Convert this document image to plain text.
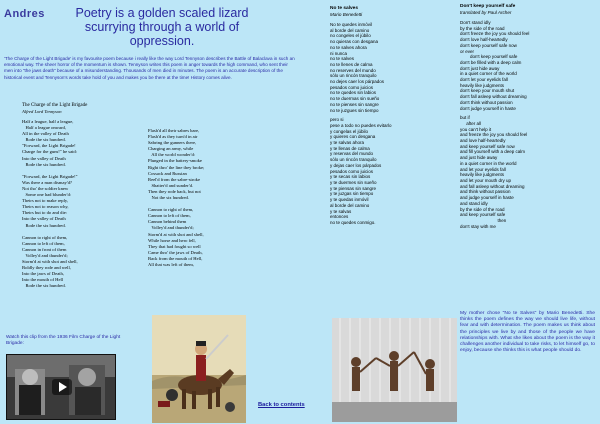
Andres	Poetry is a golden scaled lizard scurrying through a world of oppression.
'The Charge of the Light Brigade' is my favourite poem because i really like the way Lord Tennyson describes the Battle of Balaclava in such an emotional way. The sheer horror of the momentum is shown. Tennyson writes this poem in anger towards the high command, who sent their men into "the jaws death" because of a misunderstanding. Thousands of men died in minutes. The poem is an accurate description of the historical event and Tennyson's words take hold of you and makes you be there at the time! History comes alive.
The Charge of the Light Brigade
Alfred Lord Tennyson
Half a league, half a league,
Half a league onward,
All in the valley of Death
Rode the six hundred.
"Forward, the Light Brigade!
Charge for the guns!" he said:
Into the valley of Death
Rode the six hundred.
"Forward, the Light Brigade!"
Was there a man dismay'd?
Not tho' the soldier knew
Some one had blunder'd:
Theirs not to make reply,
Theirs not to reason why,
Theirs but to do and die:
Into the valley of Death
Rode the six hundred.
Cannon to right of them,
Cannon to left of them,
Cannon in front of them
Volley'd and thunder'd;
Storm'd at with shot and shell,
Boldly they rode and well,
Into the jaws of Death,
Into the mouth of Hell
Rode the six hundred.
Flash'd all their sabres bare,
Flash'd as they turn'd in air
Sabring the gunners there,
Charging an army, while
All the world wonder'd:
Plunged in the battery-smoke
Right thro' the line they broke;
Cossack and Russian
Reel'd from the sabre-stroke
Shatter'd and sunder'd.
Then they rode back, but not
Not the six hundred.
Cannon to right of them,
Cannon to left of them,
Cannon behind them
Volley'd and thunder'd;
Storm'd at with shot and shell,
While horse and hero fell,
They that had fought so well
Came thro' the jaws of Death,
Back from the mouth of Hell,
All that was left of them,
No te salves
Mario Benedetti
No te quedes inmóvil
al borde del camino
no congeles el júbilo
no quieras con desgana
no te salves ahora
ni nunca
no te salves
no te llenes de calma
no reserves del mundo
sólo un rincón tranquilo
no dejes caer los párpados
pesados como juicios
no te quedes sin labios
no te duermas sin sueño
no te pienses sin sangre
no te juzgues sin tiempo
pero si
pese a todo no puedes evitarlo
y congelas el júbilo
y quieres con desgana
y te salvas ahora
y te llenas de calma
y reservas del mundo
sólo un rincón tranquilo
y dejas caer los párpados
pesados como juicios
y te secas sin labios
y te duermes sin sueño
y te piensas sin sangre
y te juzgas sin tiempo
y te quedas inmóvil
al borde del camino
y te salvas
entonces
no te quedes conmigo.
Don't keep yourself safe
translated by Paul Archer
Don't stand idly
by the side of the road
don't freeze the joy you should feel
don't love half-heartedly
don't keep yourself safe now
or ever
don't keep yourself safe
don't be filled with a deep calm
don't just hide away
in a quiet corner of the world
don't let your eyelids fall
heavily like judgments
don't keep your mouth shut
don't fall asleep without dreaming
don't think without passion
don't judge yourself in haste
but if
after all
you can't help it
and freeze the joy you should feel
and love half-heartedly
and keep yourself safe now
and fill yourself with a deep calm
and just hide away
in a quiet corner in the world
and let your eyelids fall
heavily like judgments
and let your mouth dry up
and fall asleep without dreaming
and think without passion
and judge yourself in haste
and stand idly
by the side of the road
and keep yourself safe
then
don't stay with me
Watch this clip from the 1936 Film Charge of the Light Brigade:
Back to contents
My mother chose "No te Salves" by Mario Benedetti. She thinks the poem defines the way we should live life, without fear and with determination. The poem makes us think about the principles we live by and those of the people we have relationships with. What she likes about the poem is the way it challenges another individual to take risks, to let himself go, to enjoy, because she thinks this is what people should do.
